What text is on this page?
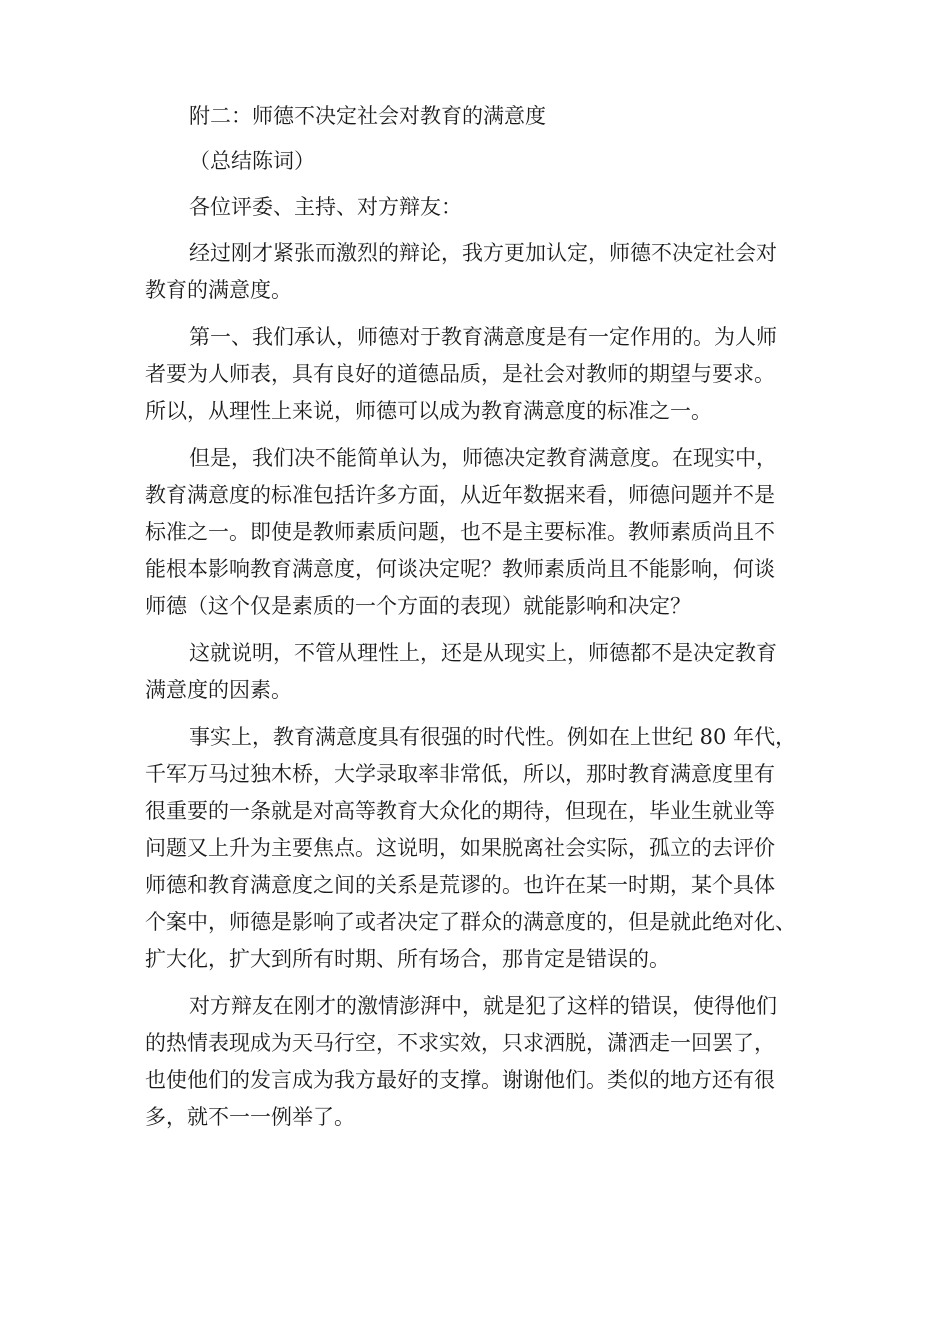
附二：师德不决定社会对教育的满意度

（总结陈词）

各位评委、主持、对方辩友：

经过刚才紧张而激烈的辩论，我方更加认定，师德不决定社会对

教育的满意度。

第一、我们承认，师德对于教育满意度是有一定作用的。为人师

者要为人师表，具有良好的道德品质，是社会对教师的期望与要求。

所以，从理性上来说，师德可以成为教育满意度的标准之一。

但是，我们决不能简单认为，师德决定教育满意度。在现实中，

教育满意度的标准包括许多方面，从近年数据来看，师德问题并不是

标准之一。即使是教师素质问题，也不是主要标准。教师素质尚且不

能根本影响教育满意度，何谈决定呢？教师素质尚且不能影响，何谈

师德（这个仅是素质的一个方面的表现）就能影响和决定？

这就说明，不管从理性上，还是从现实上，师德都不是决定教育

满意度的因素。

事实上，教育满意度具有很强的时代性。例如在上世纪 80 年代，

千军万马过独木桥，大学录取率非常低，所以，那时教育满意度里有

很重要的一条就是对高等教育大众化的期待，但现在，毕业生就业等

问题又上升为主要焦点。这说明，如果脱离社会实际，孤立的去评价

师德和教育满意度之间的关系是荒谬的。也许在某一时期，某个具体

个案中，师德是影响了或者决定了群众的满意度的，但是就此绝对化、

扩大化，扩大到所有时期、所有场合，那肯定是错误的。

对方辩友在刚才的激情澎湃中，就是犯了这样的错误，使得他们

的热情表现成为天马行空，不求实效，只求洒脱，潇洒走一回罢了，

也使他们的发言成为我方最好的支撑。谢谢他们。类似的地方还有很

多，就不一一例举了。
